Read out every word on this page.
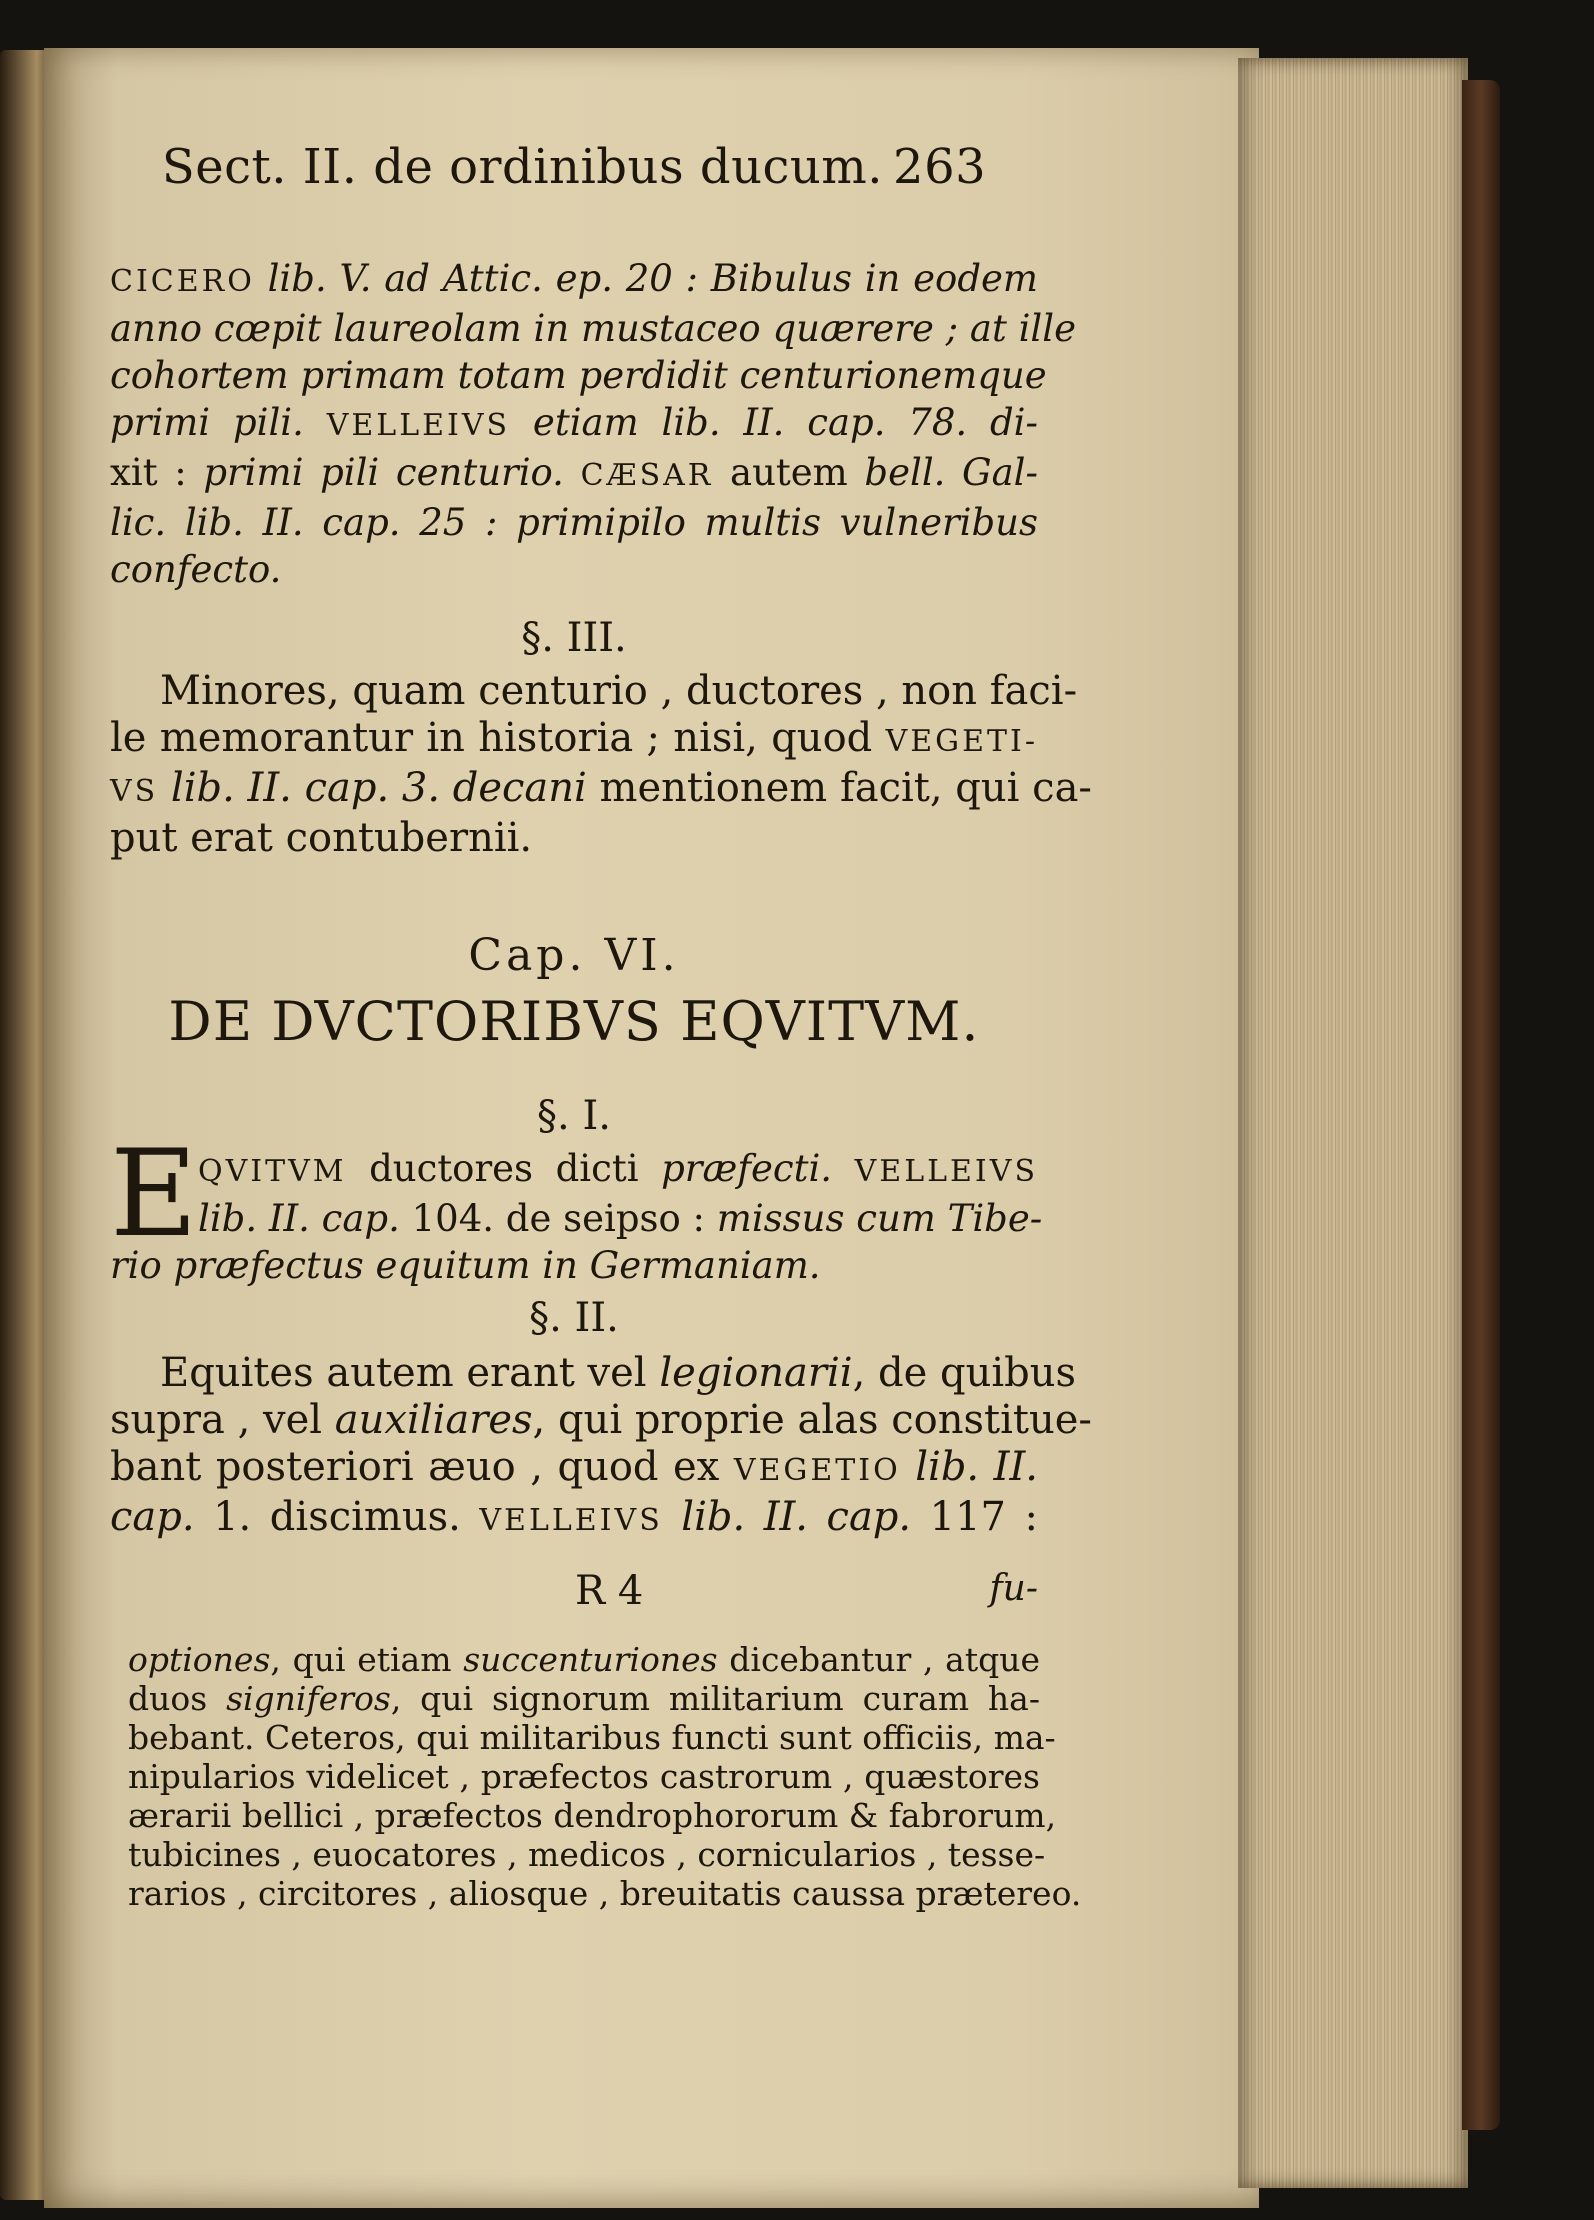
Sect. II. de ordinibus ducum. 263
CICERO lib. V. ad Attic. ep. 20 : Bibulus in eodem
anno cœpit laureolam in mustaceo quærere ; at ille
cohortem primam totam perdidit centurionemque
primi pili. VELLEIVS etiam lib. II. cap. 78. di-
xit : primi pili centurio. CÆSAR autem bell. Gal-
lic. lib. II. cap. 25 : primipilo multis vulneribus
confecto.
§. III.
Minores, quam centurio , ductores , non faci-
le memorantur in historia ; nisi, quod VEGETI-
VS lib. II. cap. 3. decani mentionem facit, qui ca-
put erat contubernii.
Cap. VI.
DE DVCTORIBVS EQVITVM.
§. I.
E QVITVM ductores dicti præfecti. VELLEIVS
lib. II. cap. 104. de seipso : missus cum Tibe-
rio præfectus equitum in Germaniam.
§. II.
Equites autem erant vel legionarii, de quibus
supra , vel auxiliares, qui proprie alas constitue-
bant posteriori æuo , quod ex VEGETIO lib. II.
cap. 1. discimus. VELLEIVS lib. II. cap. 117 :
R 4	fu-
optiones, qui etiam succenturiones dicebantur , atque
duos signiferos, qui signorum militarium curam ha-
bebant. Ceteros, qui militaribus functi sunt officiis, ma-
nipularios videlicet , præfectos castrorum , quæstores
ærarii bellici , præfectos dendrophororum & fabrorum,
tubicines , euocatores , medicos , cornicularios , tesse-
rarios , circitores , aliosque , breuitatis caussa prætereo.
